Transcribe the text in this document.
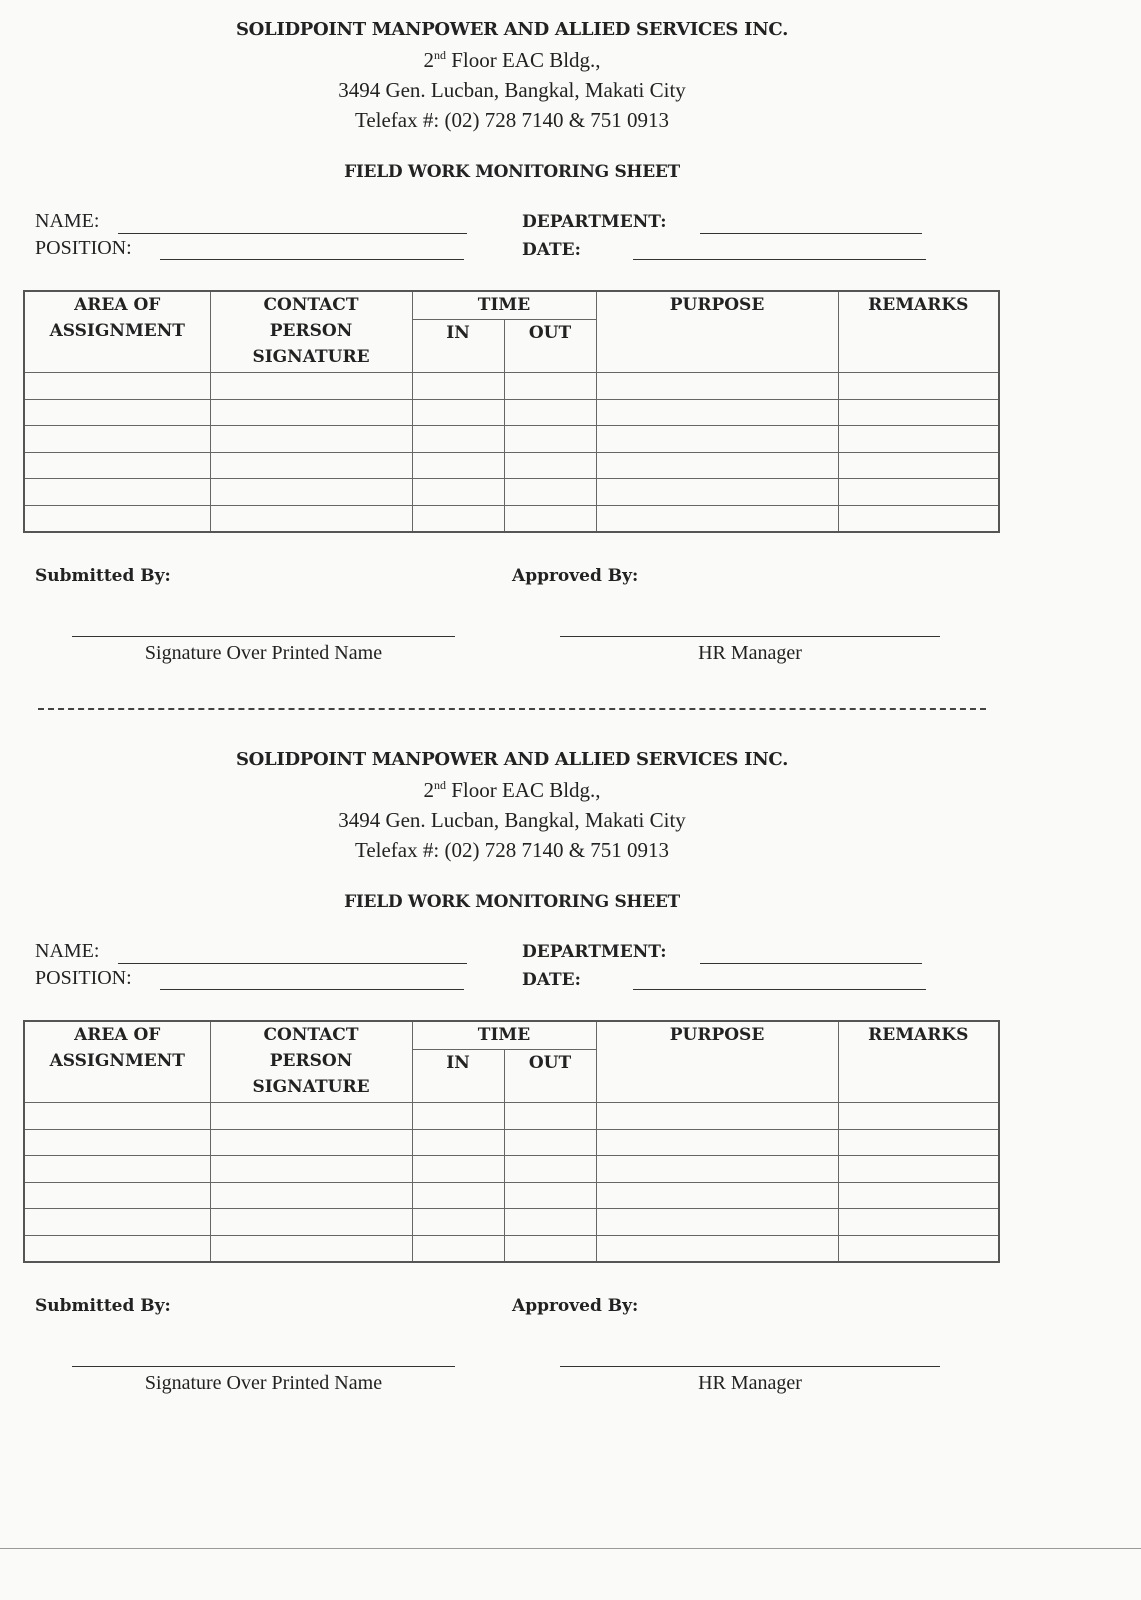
SOLIDPOINT MANPOWER AND ALLIED SERVICES INC.
2nd Floor EAC Bldg.,
3494 Gen. Lucban, Bangkal, Makati City
Telefax #: (02) 728 7140 & 751 0913
FIELD WORK MONITORING SHEET
NAME:
POSITION:
DEPARTMENT:
DATE:
AREA OF ASSIGNMENT	CONTACT PERSON SIGNATURE	TIME		PURPOSE	REMARKS
		IN	OUT		

Submitted By:	Approved By:
Signature Over Printed Name	HR Manager
SOLIDPOINT MANPOWER AND ALLIED SERVICES INC.
2nd Floor EAC Bldg.,
3494 Gen. Lucban, Bangkal, Makati City
Telefax #: (02) 728 7140 & 751 0913
FIELD WORK MONITORING SHEET
NAME:
POSITION:
DEPARTMENT:
DATE:
AREA OF ASSIGNMENT	CONTACT PERSON SIGNATURE	TIME		PURPOSE	REMARKS
		IN	OUT		

Submitted By:	Approved By:
Signature Over Printed Name	HR Manager
